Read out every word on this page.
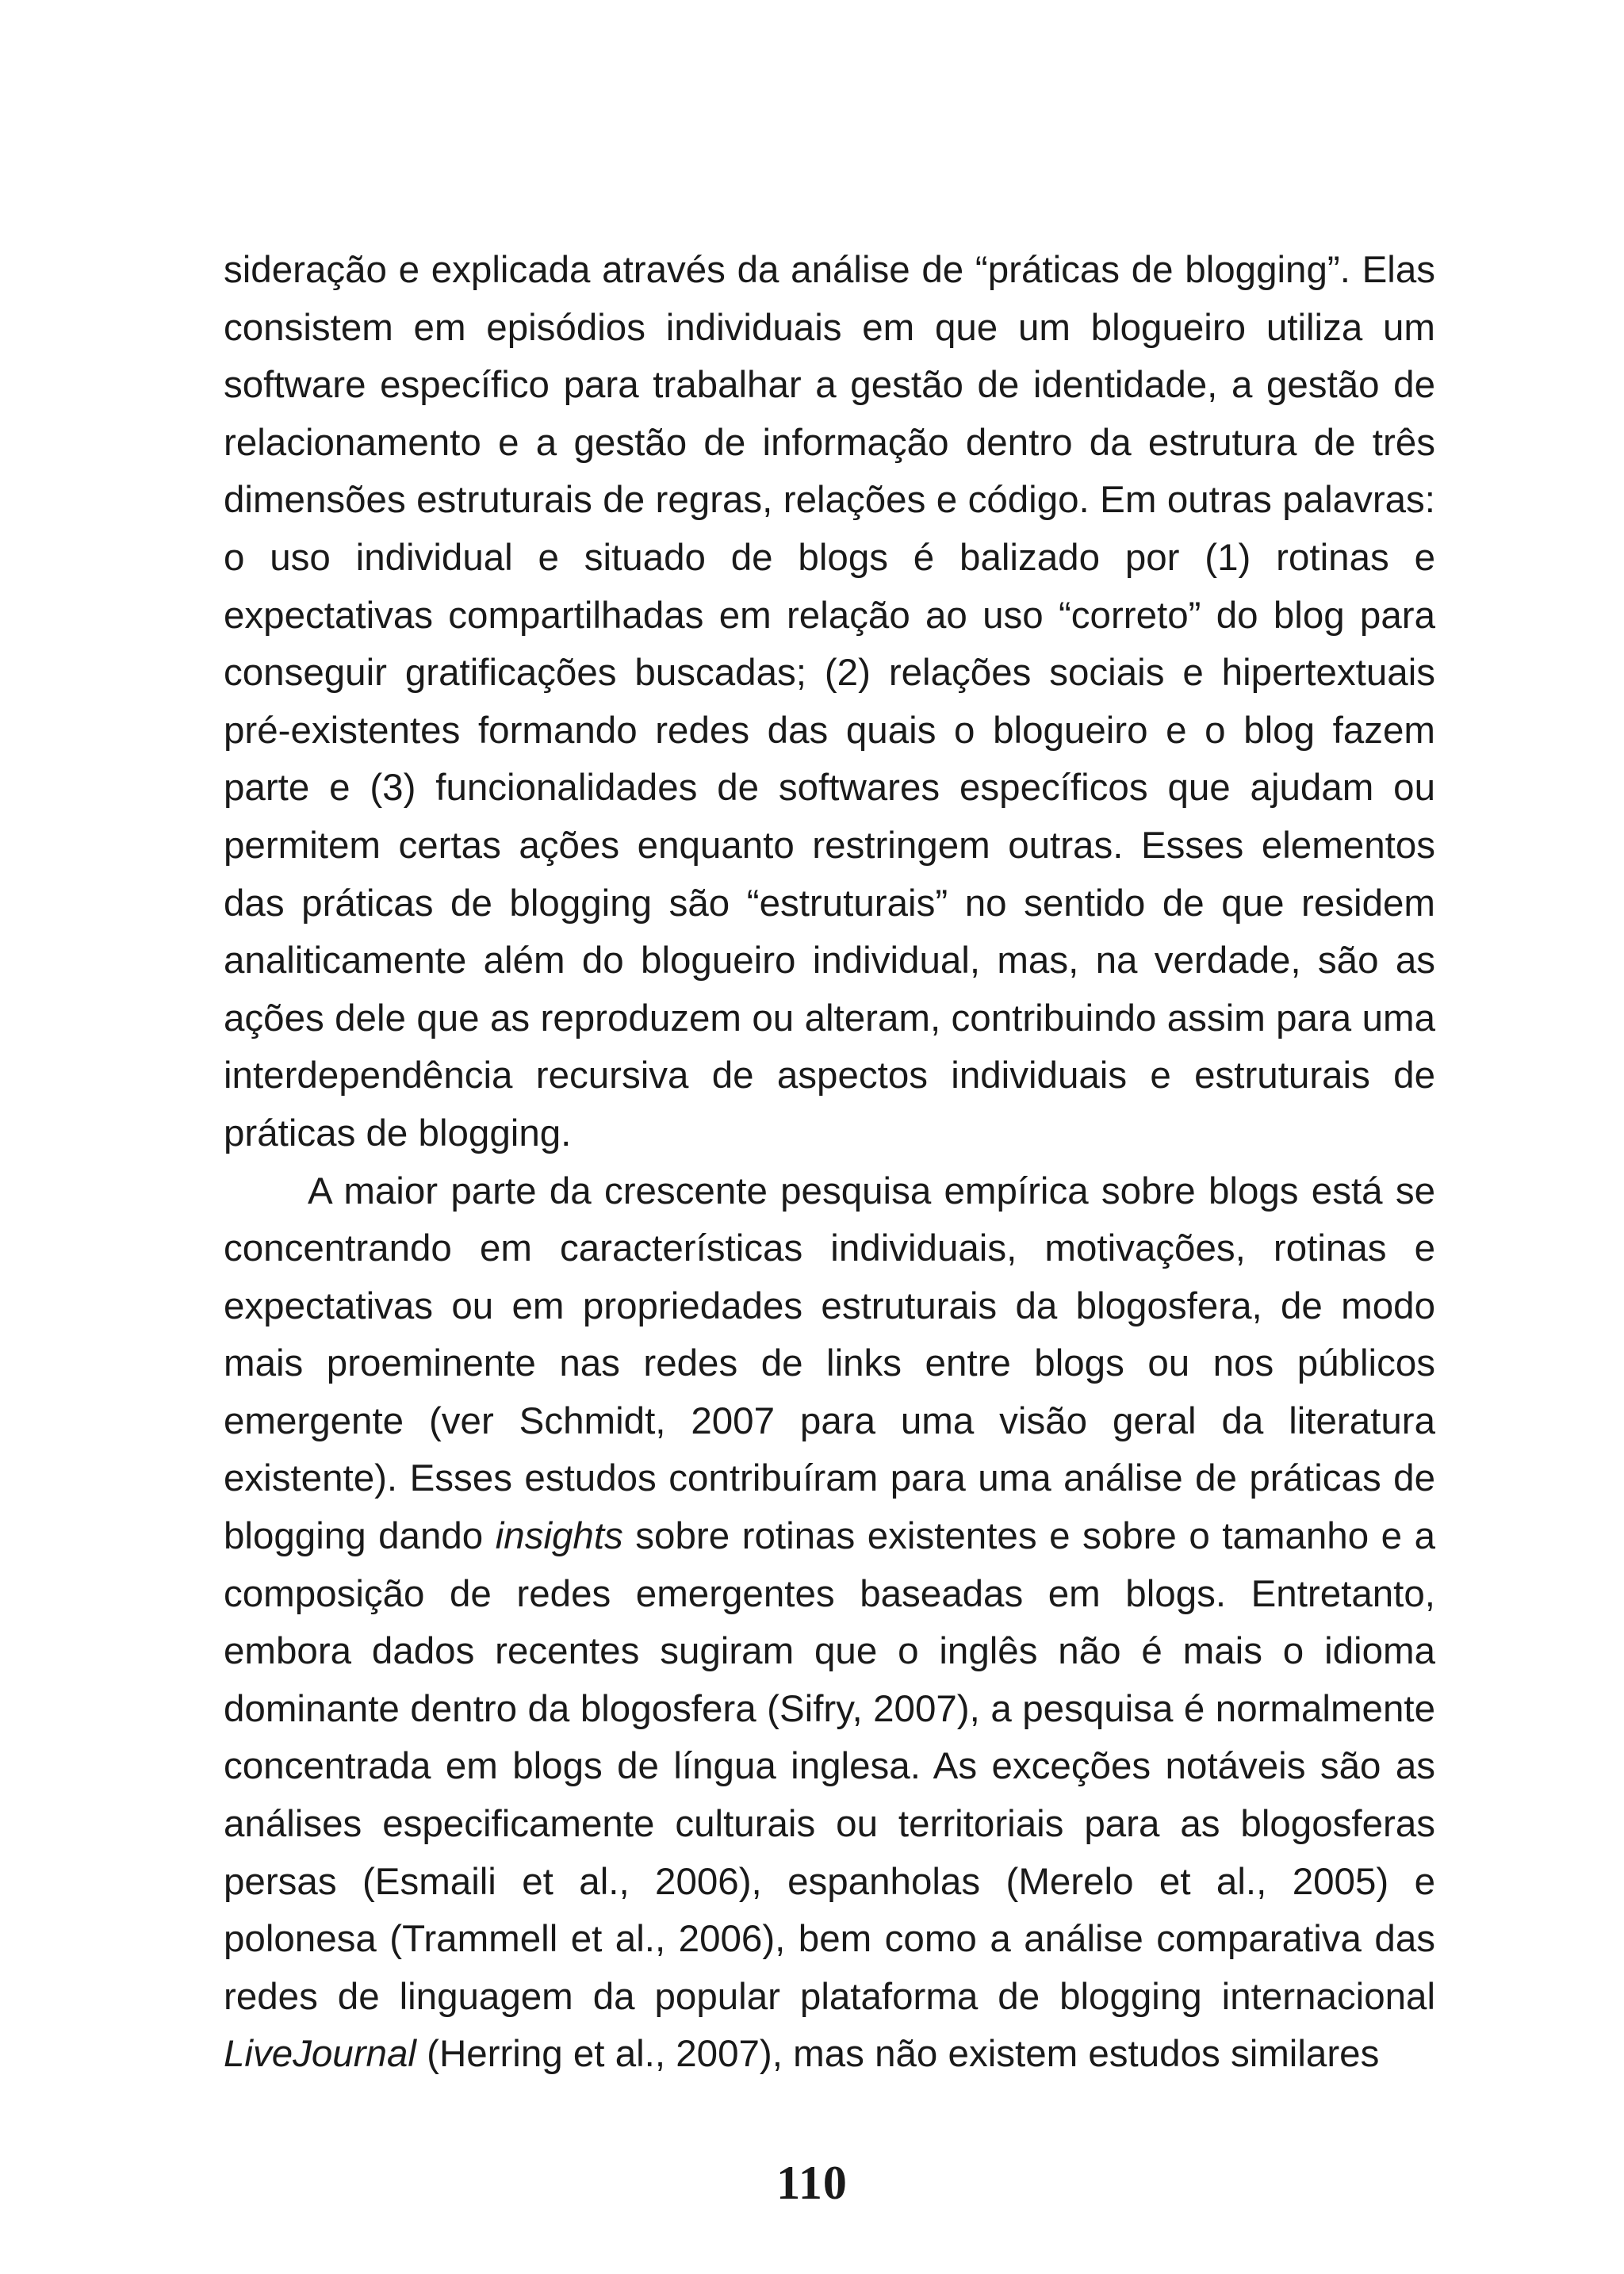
sideração e explicada através da análise de “práticas de blogging”. Elas consistem em episódios individuais em que um blogueiro utiliza um software específico para trabalhar a gestão de identidade, a gestão de relacionamento e a gestão de informação dentro da estrutura de três dimensões estruturais de regras, relações e código. Em outras palavras: o uso individual e situado de blogs é balizado por (1) rotinas e expectativas compartilhadas em relação ao uso “correto” do blog para conseguir gratificações buscadas; (2) relações sociais e hipertextuais pré-existentes formando redes das quais o blogueiro e o blog fazem parte e (3) funcionalidades de softwares específicos que ajudam ou permitem certas ações enquanto restringem outras. Esses elementos das práticas de blogging são “estruturais” no sentido de que residem analiticamente além do blogueiro individual, mas, na verdade, são as ações dele que as reproduzem ou alteram, contribuindo assim para uma interdependência recursiva de aspectos individuais e estruturais de práticas de blogging.

A maior parte da crescente pesquisa empírica sobre blogs está se concentrando em características individuais, motivações, rotinas e expectativas ou em propriedades estruturais da blogosfera, de modo mais proeminente nas redes de links entre blogs ou nos públicos emergente (ver Schmidt, 2007 para uma visão geral da literatura existente). Esses estudos contribuíram para uma análise de práticas de blogging dando insights sobre rotinas existentes e sobre o tamanho e a composição de redes emergentes baseadas em blogs. Entretanto, embora dados recentes sugiram que o inglês não é mais o idioma dominante dentro da blogosfera (Sifry, 2007), a pesquisa é normalmente concentrada em blogs de língua inglesa. As exceções notáveis são as análises especificamente culturais ou territoriais para as blogosferas persas (Esmaili et al., 2006), espanholas (Merelo et al., 2005) e polonesa (Trammell et al., 2006), bem como a análise comparativa das redes de linguagem da popular plataforma de blogging internacional LiveJournal (Herring et al., 2007), mas não existem estudos similares

110
